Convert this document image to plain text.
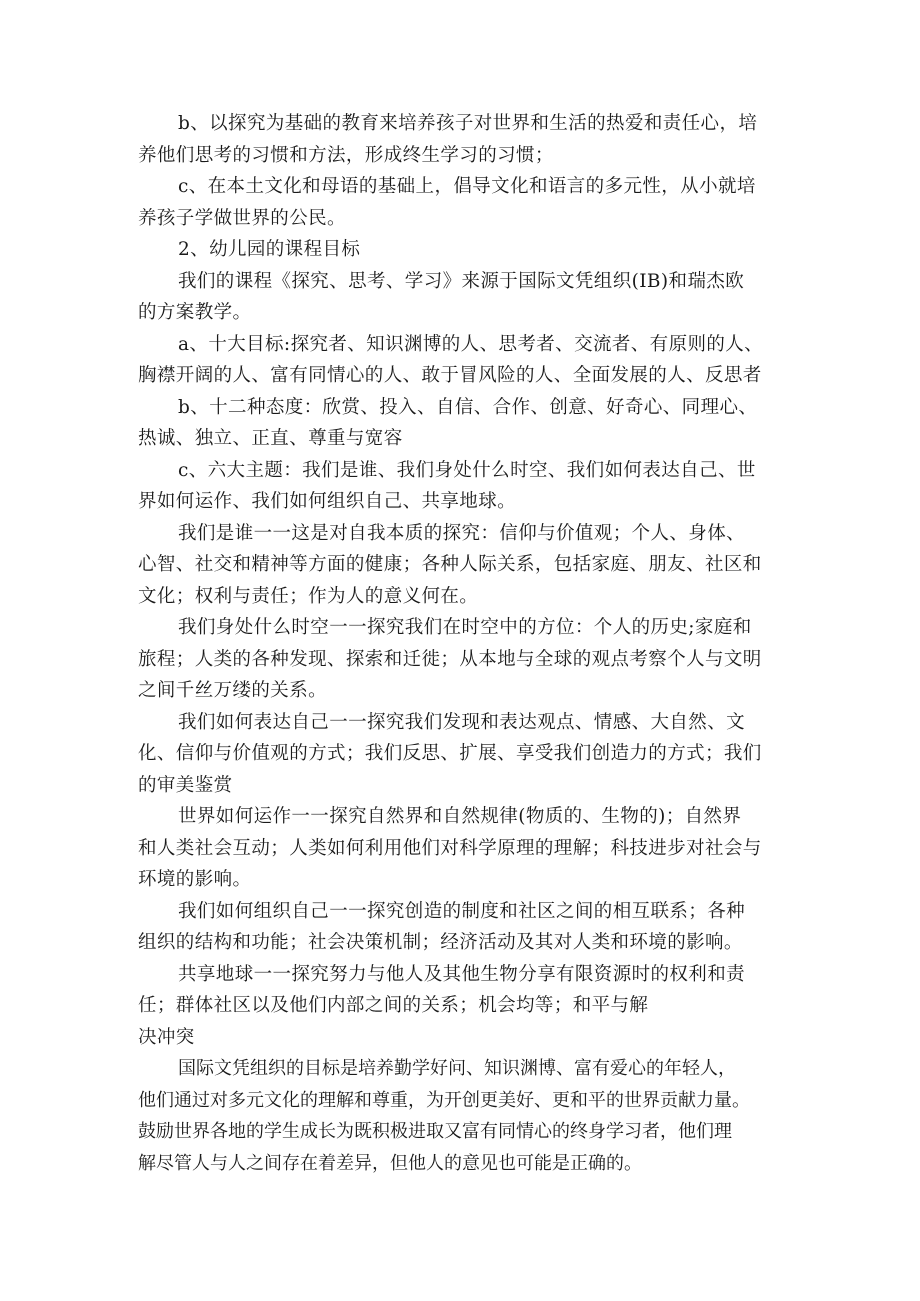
b、以探究为基础的教育来培养孩子对世界和生活的热爱和责任心，培
养他们思考的习惯和方法，形成终生学习的习惯；
c、在本土文化和母语的基础上，倡导文化和语言的多元性，从小就培
养孩子学做世界的公民。
2、幼儿园的课程目标
我们的课程《探究、思考、学习》来源于国际文凭组织(IB)和瑞杰欧
的方案教学。
a、十大目标:探究者、知识渊博的人、思考者、交流者、有原则的人、
胸襟开阔的人、富有同情心的人、敢于冒风险的人、全面发展的人、反思者
b、十二种态度：欣赏、投入、自信、合作、创意、好奇心、同理心、
热诚、独立、正直、尊重与宽容
c、六大主题：我们是谁、我们身处什么时空、我们如何表达自己、世
界如何运作、我们如何组织自己、共享地球。
我们是谁一一这是对自我本质的探究：信仰与价值观；个人、身体、
心智、社交和精神等方面的健康；各种人际关系，包括家庭、朋友、社区和
文化；权利与责任；作为人的意义何在。
我们身处什么时空一一探究我们在时空中的方位：个人的历史;家庭和
旅程；人类的各种发现、探索和迁徙；从本地与全球的观点考察个人与文明
之间千丝万缕的关系。
我们如何表达自己一一探究我们发现和表达观点、情感、大自然、文
化、信仰与价值观的方式；我们反思、扩展、享受我们创造力的方式；我们
的审美鉴赏
世界如何运作一一探究自然界和自然规律(物质的、生物的)；自然界
和人类社会互动；人类如何利用他们对科学原理的理解；科技进步对社会与
环境的影响。
我们如何组织自己一一探究创造的制度和社区之间的相互联系；各种
组织的结构和功能；社会决策机制；经济活动及其对人类和环境的影响。
共享地球一一探究努力与他人及其他生物分享有限资源时的权利和责
任；群体社区以及他们内部之间的关系；机会均等；和平与解
决冲突
国际文凭组织的目标是培养勤学好问、知识渊博、富有爱心的年轻人，
他们通过对多元文化的理解和尊重，为开创更美好、更和平的世界贡献力量。
鼓励世界各地的学生成长为既积极进取又富有同情心的终身学习者，他们理
解尽管人与人之间存在着差异，但他人的意见也可能是正确的。
